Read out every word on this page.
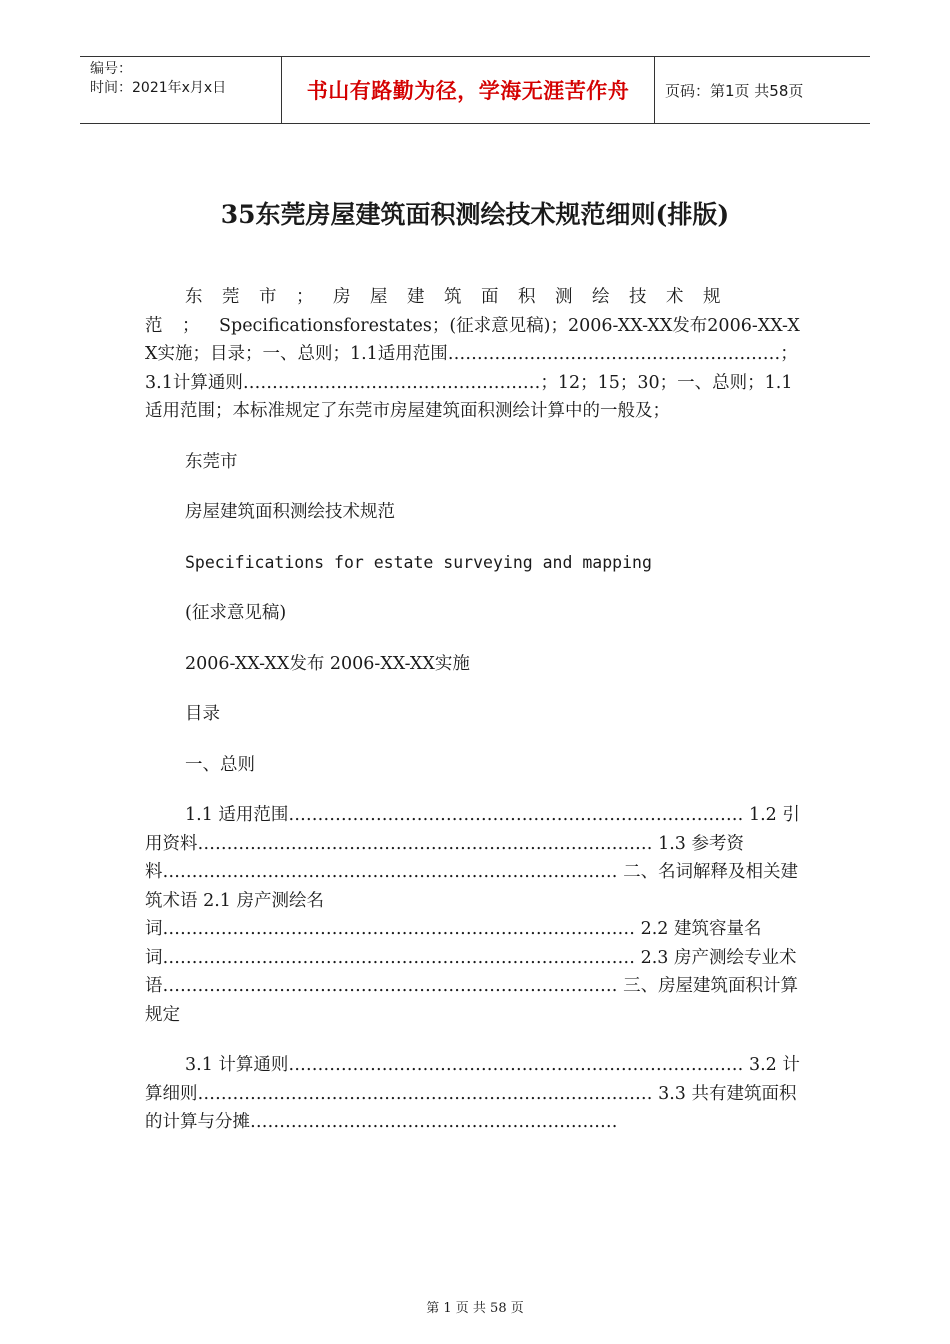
编号：
时间：2021年x月x日	书山有路勤为径，学海无涯苦作舟	页码：第1页 共58页
35东莞房屋建筑面积测绘技术规范细则(排版)

东莞市；房屋建筑面积测绘技术规范；Specificationsforestates；(征求意见稿)；2006-XX-XX发布2006-XX-XX实施；目录；一、总则；1.1适用范围…………………………………………………；3.1计算通则……………………………………………；12；15；30；一、总则；1.1适用范围；本标准规定了东莞市房屋建筑面积测绘计算中的一般及；

东莞市

房屋建筑面积测绘技术规范

Specifications for estate surveying and mapping

(征求意见稿)

2006-XX-XX发布 2006-XX-XX实施

目录

一、总则

1.1 适用范围…………………………………………………………………… 1.2 引用资料…………………………………………………………………… 1.3 参考资料…………………………………………………………………… 二、名词解释及相关建筑术语 2.1 房产测绘名词……………………………………………………………………… 2.2 建筑容量名词……………………………………………………………………… 2.3 房产测绘专业术语…………………………………………………………………… 三、房屋建筑面积计算规定

3.1 计算通则…………………………………………………………………… 3.2 计算细则…………………………………………………………………… 3.3 共有建筑面积的计算与分摊………………………………………………………

第 1 页 共 58 页
